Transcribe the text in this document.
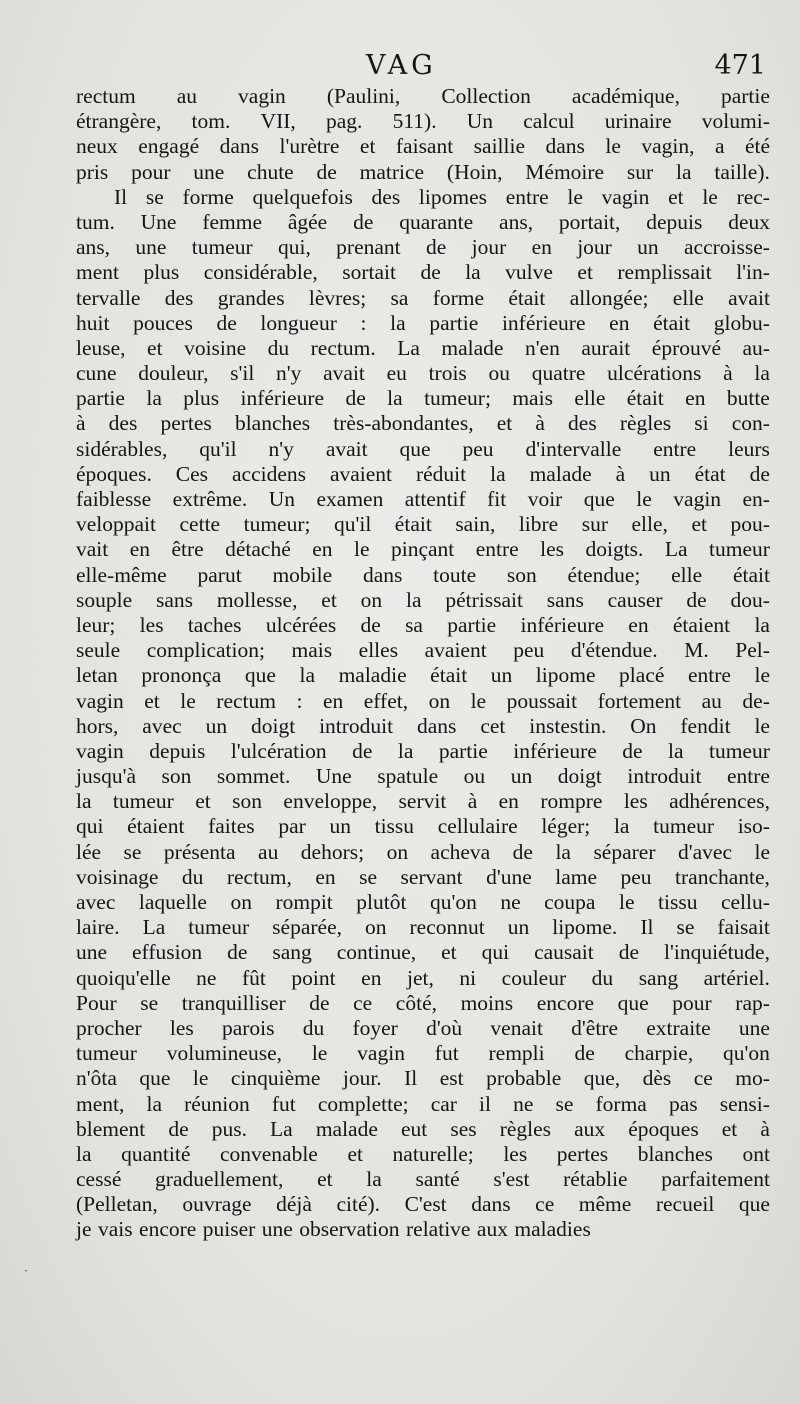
VAG	471
rectum au vagin (Paulini, Collection académique, partie
étrangère, tom. VII, pag. 511). Un calcul urinaire volumi-
neux engagé dans l'urètre et faisant saillie dans le vagin, a été
pris pour une chute de matrice (Hoin, Mémoire sur la taille).
Il se forme quelquefois des lipomes entre le vagin et le rec-
tum. Une femme âgée de quarante ans, portait, depuis deux
ans, une tumeur qui, prenant de jour en jour un accroisse-
ment plus considérable, sortait de la vulve et remplissait l'in-
tervalle des grandes lèvres; sa forme était allongée; elle avait
huit pouces de longueur : la partie inférieure en était globu-
leuse, et voisine du rectum. La malade n'en aurait éprouvé au-
cune douleur, s'il n'y avait eu trois ou quatre ulcérations à la
partie la plus inférieure de la tumeur; mais elle était en butte
à des pertes blanches très-abondantes, et à des règles si con-
sidérables, qu'il n'y avait que peu d'intervalle entre leurs
époques. Ces accidens avaient réduit la malade à un état de
faiblesse extrême. Un examen attentif fit voir que le vagin en-
veloppait cette tumeur; qu'il était sain, libre sur elle, et pou-
vait en être détaché en le pinçant entre les doigts. La tumeur
elle-même parut mobile dans toute son étendue; elle était
souple sans mollesse, et on la pétrissait sans causer de dou-
leur; les taches ulcérées de sa partie inférieure en étaient la
seule complication; mais elles avaient peu d'étendue. M. Pel-
letan prononça que la maladie était un lipome placé entre le
vagin et le rectum : en effet, on le poussait fortement au de-
hors, avec un doigt introduit dans cet instestin. On fendit le
vagin depuis l'ulcération de la partie inférieure de la tumeur
jusqu'à son sommet. Une spatule ou un doigt introduit entre
la tumeur et son enveloppe, servit à en rompre les adhérences,
qui étaient faites par un tissu cellulaire léger; la tumeur iso-
lée se présenta au dehors; on acheva de la séparer d'avec le
voisinage du rectum, en se servant d'une lame peu tranchante,
avec laquelle on rompit plutôt qu'on ne coupa le tissu cellu-
laire. La tumeur séparée, on reconnut un lipome. Il se faisait
une effusion de sang continue, et qui causait de l'inquiétude,
quoiqu'elle ne fût point en jet, ni couleur du sang artériel.
Pour se tranquilliser de ce côté, moins encore que pour rap-
procher les parois du foyer d'où venait d'être extraite une
tumeur volumineuse, le vagin fut rempli de charpie, qu'on
n'ôta que le cinquième jour. Il est probable que, dès ce mo-
ment, la réunion fut complette; car il ne se forma pas sensi-
blement de pus. La malade eut ses règles aux époques et à
la quantité convenable et naturelle; les pertes blanches ont
cessé graduellement, et la santé s'est rétablie parfaitement
(Pelletan, ouvrage déjà cité). C'est dans ce même recueil que
je vais encore puiser une observation relative aux maladies
·
